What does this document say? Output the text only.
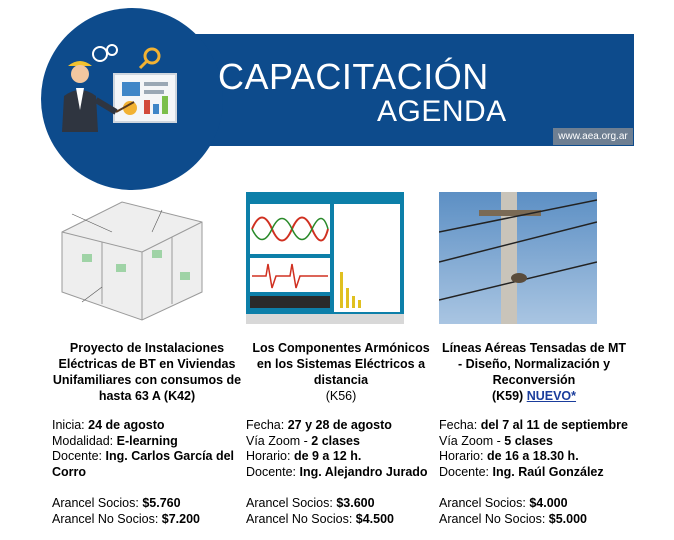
CAPACITACIÓN
AGENDA
www.aea.org.ar
Proyecto de Instalaciones Eléctricas de BT en Viviendas Unifamiliares con consumos de hasta 63 A (K42)
Inicia: 24 de agosto
Modalidad: E-learning
Docente: Ing. Carlos García del Corro
Arancel Socios: $5.760
Arancel No Socios: $7.200
Los Componentes Armónicos en los Sistemas Eléctricos a distancia
(K56)
Fecha: 27 y 28 de agosto
Vía Zoom - 2 clases
Horario: de 9 a 12 h.
Docente: Ing. Alejandro Jurado
Arancel Socios: $3.600
Arancel No Socios: $4.500
Líneas Aéreas Tensadas de MT - Diseño, Normalización y Reconversión
(K59) NUEVO*
Fecha: del 7 al 11 de septiembre
Vía Zoom - 5 clases
Horario: de 16 a 18.30 h.
Docente: Ing. Raúl González
Arancel Socios: $4.000
Arancel No Socios: $5.000
